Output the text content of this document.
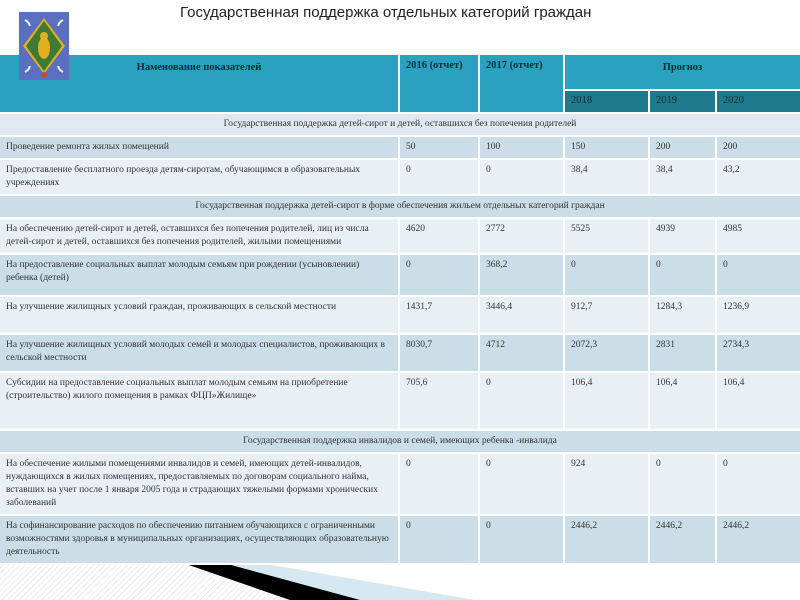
Государственная поддержка отдельных категорий граждан
Наменование показателей	2016 (отчет)	2017 (отчет)	Прогноз		
			2018	2019	2020
Государственная поддержка детей-сирот и детей, оставшихся без попечения родителей					
Проведение ремонта жилых помещений	50	100	150	200	200
Предоставление бесплатного проезда детям-сиротам, обучающимся в образовательных учреждениях	0	0	38,4	38,4	43,2
Государственная поддержка детей-сирот в форме обеспечения жильем отдельных категорий граждан					
На обеспечению детей-сирот и детей, оставшихся без попечения родителей, лиц из числа детей-сирот и детей, оставшихся без попечения родителей, жилыми помещениями	4620	2772	5525	4939	4985
На предоставление социальных выплат молодым семьям при рождении (усыновлении) ребенка (детей)	0	368,2	0	0	0
На улучшение жилищных условий граждан, проживающих в сельской местности	1431,7	3446,4	912,7	1284,3	1236,9
На улучшение жилищных условий молодых семей и молодых специалистов, проживающих в сельской местности	8030,7	4712	2072,3	2831	2734,3
Субсидии на предоставление социальных выплат молодым семьям на приобретение (строительство) жилого помещения в рамках ФЦП»Жилище»	705,6	0	106,4	106,4	106,4
Государственная поддержка инвалидов и семей, имеющих ребенка -инвалида					
На обеспечение жилыми помещениями инвалидов и семей, имеющих детей-инвалидов, нуждающихся в жилых помещениях, предоставляемых по договорам социального найма, вставших на учет после 1 января 2005 года и страдающих тяжелыми формами хронических заболеваний	0	0	924	0	0
На софинансирование расходов по обеспечению питанием обучающихся с ограниченными возможностями здоровья в муниципальных организациях, осуществляющих образовательную деятельность	0	0	2446,2	2446,2	2446,2
